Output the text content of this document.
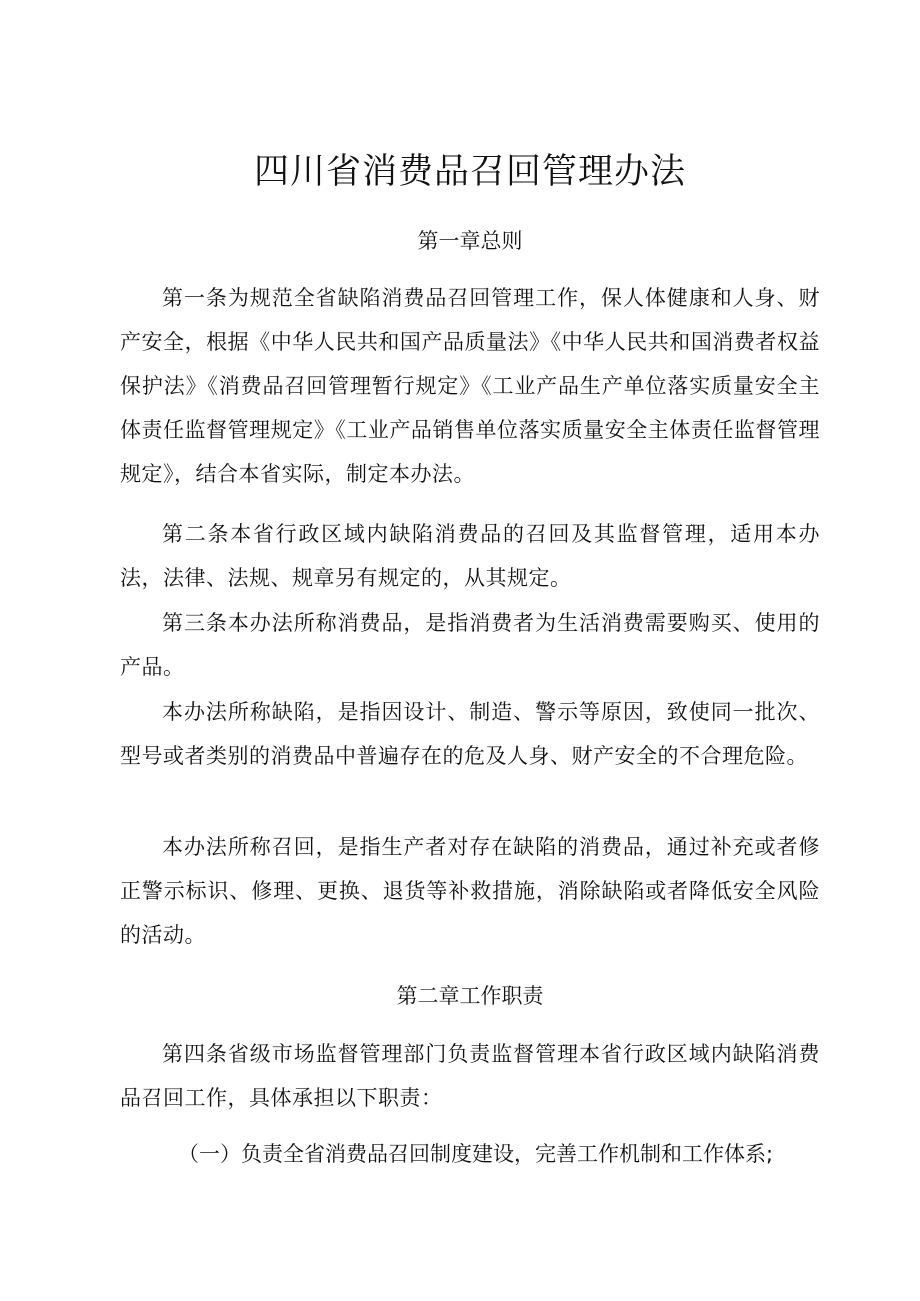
四川省消费品召回管理办法

第一章总则

第一条为规范全省缺陷消费品召回管理工作，保人体健康和人身、财产安全，根据《中华人民共和国产品质量法》《中华人民共和国消费者权益保护法》《消费品召回管理暂行规定》《工业产品生产单位落实质量安全主体责任监督管理规定》《工业产品销售单位落实质量安全主体责任监督管理规定》，结合本省实际，制定本办法。

第二条本省行政区域内缺陷消费品的召回及其监督管理，适用本办法，法律、法规、规章另有规定的，从其规定。

第三条本办法所称消费品，是指消费者为生活消费需要购买、使用的产品。

本办法所称缺陷，是指因设计、制造、警示等原因，致使同一批次、型号或者类别的消费品中普遍存在的危及人身、财产安全的不合理危险。

本办法所称召回，是指生产者对存在缺陷的消费品，通过补充或者修正警示标识、修理、更换、退货等补救措施，消除缺陷或者降低安全风险的活动。

第二章工作职责

第四条省级市场监督管理部门负责监督管理本省行政区域内缺陷消费品召回工作，具体承担以下职责：

（一）负责全省消费品召回制度建设，完善工作机制和工作体系;
